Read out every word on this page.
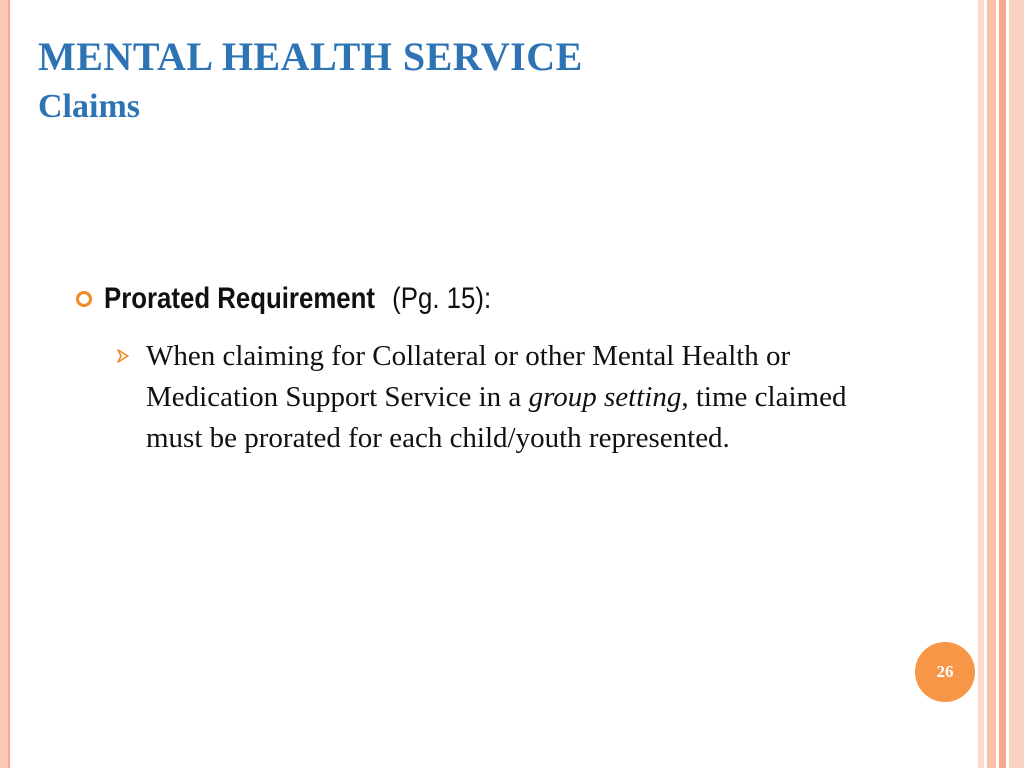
MENTAL HEALTH SERVICE
Claims
Prorated Requirement (Pg. 15):
When claiming for Collateral or other Mental Health or Medication Support Service in a group setting, time claimed must be prorated for each child/youth represented.
26
